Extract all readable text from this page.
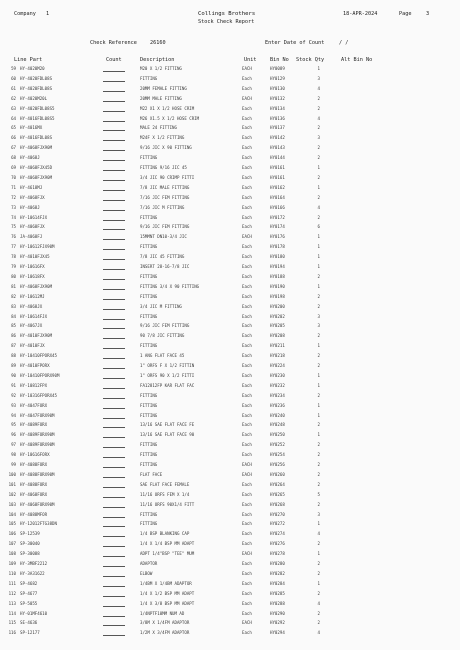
Company 1	Collings Brothers
Stock Check Report
18-APR-2024	Page	3
Check Reference	26160	Enter Date of Count	/ /
Line Part	Count	Description	Unit	Bin No Stock Qty	Alt Bin No
59 HY-4020M20	M20 X 1/2 FITTING	EACH	HY0089	1
60 HY-4020FDL08S	FITTING	Each	HY0129	3
61 HY-4020FDL08S	20MM FEMALE FITTING	Each	HY0130	4
62 HY-4020M20L	20MM MALE FITTING	EACH	HY0132	2
63 HY-4020FDL08S5	M22 X1 X 1/2 HOSE CRIM	Each	HY0134	2
64 HY-4016FDL08S5	M26 X1.5 X 1/2 HOSE CRIM	Each	HY0136	4
65 HY-4016MX	MALE 24 FITTING	Each	HY0137	2
66 HY-4016FDL08S	M24F X 1/2 FITTING	Each	HY0142	3
67 HY-4068FJX90M	9/16 JIC X 90 FITTING	Each	HY0143	2
68 HY-4068J	FITTING	Each	HY0144	2
69 HY-4068FJX45D	FITTING 9/16 JIC 45	Each	HY0161	1
70 HY-4068FJX90M	3/4 JIC 90 CRIMP FITTI	Each	HY0161	2
71 HY-4618MJ	7/8 JIC MALE FITTING	Each	HY0162	1
72 HY-4068FJX	7/16 JIC FEM FITTING	Each	HY0164	2
73 HY-4068J	7/16 JIC M FITTING	Each	HY0166	4
74 HY-10614FJX	FITTING	Each	HY0172	2
75 HY-4068FJX	9/16 JIC FEM FITTING	Each	HY0174	6
76 JA-4068FJ	15MMNT DN10-3/4 JIC	EACH	HY0176	1
77 HY-10612FJX90M	FITTING	Each	HY0178	1
78 HY-4010FJX45	7/8 JIC 45 FITTING	Each	HY0180	1
79 HY-10616FX	INSERT 28-16-7/8 JIC	Each	HY0194	1
80 HY-10618FX	FITTING	Each	HY0188	2
81 HY-4068FJX90M	FITTING 3/4 X 90 FITTING	Each	HY0190	1
82 HY-10612MJ	FITTING	Each	HY0198	2
83 HY-4068JX	3/4 JIC M FITTING	Each	HY0200	2
84 HY-10614FJX	FITTING	Each	HY0202	3
85 HY-4067JX	9/16 JIC FEM FITTING	Each	HY0205	3
86 HY-4010FJX90M	90 7/8 JIC FITTING	Each	HY0208	2
87 HY-4010FJX	FITTING	Each	HY0211	1
88 HY-10410FPORX45	1 ANG FLAT FACE 45	Each	HY0218	2
89 HY-4010FPORX	1" ORFS F X 1/2 FITTIN	Each	HY0224	2
90 HY-10410FPORX90M	1" ORFS 90 X 1/2 FITTI	Each	HY0230	1
91 HY-10812FPX	FA12812FP KAR FLAT FAC	Each	HY0232	1
92 HY-10316FPORX45	FITTING	Each	HY0234	2
93 HY-4047FORX	FITTING	Each	HY0236	1
94 HY-4047FORX90M	FITTING	Each	HY0240	1
95 HY-4089FORX	13/16 SAE FLAT FACE FE	Each	HY0248	2
96 HY-4089FORX90M	13/16 SAE FLAT FACE 90	Each	HY0250	1
97 HY-4089FORX90M	FITTING	Each	HY0252	2
98 HY-10616FORX	FITTING	Each	HY0254	2
99 HY-4088FORX	FITTING	EACH	HY0256	2
100 HY-4088FORX90M	FLAT FACE	EACH	HY0260	2
101 HY-4088FORX	SAE FLAT FACE FEMALE	Each	HY0264	2
102 HY-4068FORX	11/16 ORFS FEM X 1/4	Each	HY0265	5
103 HY-4068FORX90M	11/16 ORFS 90X1/4 FITT	Each	HY0268	2
104 HY-4088MFOR	FITTING	Each	HY0270	3
105 HY-12012FTG38DN	FITTING	Each	HY0272	1
106 SP-12539	1/4 BSP BLANKING CAP	Each	HY0274	4
107 SP-30040	1/4 X 1/4 BSP MM ADAPT	Each	HY0276	2
108 SP-30088	ADPT 1/4"BSP "TEE" MUM	EACH	HY0278	1
109 HY-3MBF2212	ADAPTOR	Each	HY0280	2
110 HY-3A31622	ELBOW	Each	HY0282	2
111 SP-4682	1/4BM X 1/4BM ADAPTOR	Each	HY0284	1
112 SP-4677	1/4 X 1/2 BSP MM ADAPT	Each	HY0285	2
113 SP-5055	1/4 X 3/8 BSP MM ADAPT	Each	HY0288	4
114 HY-01MF4610	1/4NPTF10MM NUM AD	Each	HY0290	2
115 SE-4636	3/8M X 1/4FM ADAPTOR	EACH	HY0292	2
116 SP-12177	1/2M X 3/4FM ADAPTOR	Each	HY0294	4
